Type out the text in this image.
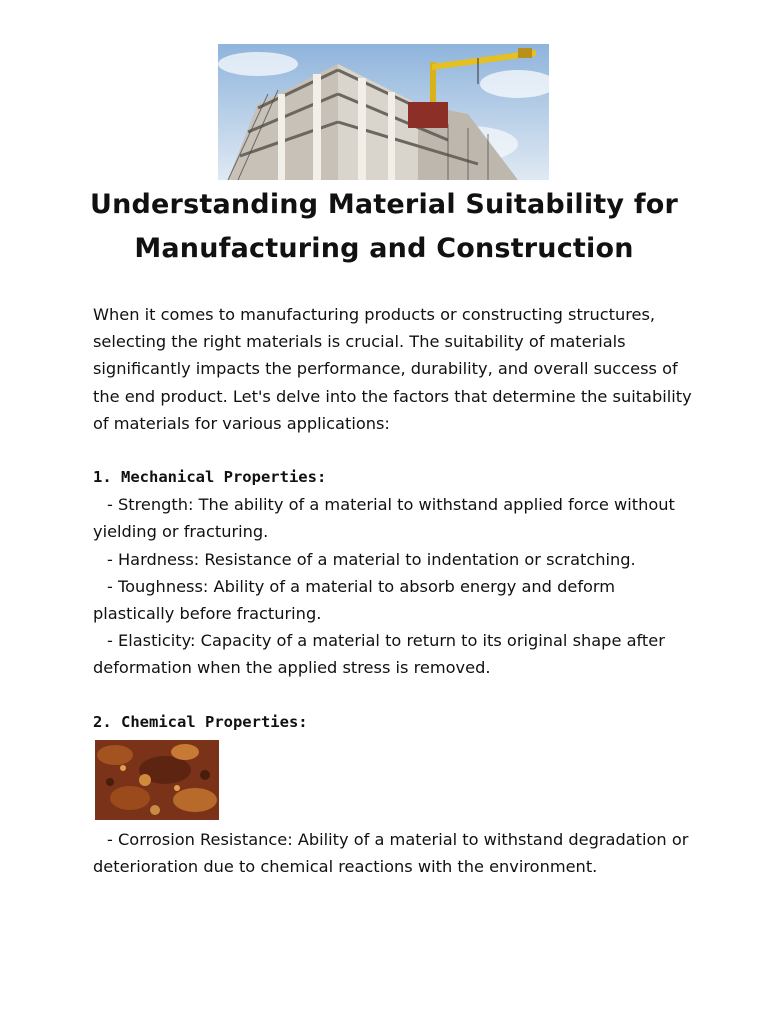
Understanding Material Suitability for
Manufacturing and Construction

When it comes to manufacturing products or constructing structures, selecting the right materials is crucial. The suitability of materials significantly impacts the performance, durability, and overall success of the end product. Let's delve into the factors that determine the suitability of materials for various applications:

1. Mechanical Properties:

- Strength: The ability of a material to withstand applied force without yielding or fracturing.

- Hardness: Resistance of a material to indentation or scratching.

- Toughness: Ability of a material to absorb energy and deform plastically before fracturing.

- Elasticity: Capacity of a material to return to its original shape after deformation when the applied stress is removed.

2. Chemical Properties:

- Corrosion Resistance: Ability of a material to withstand degradation or deterioration due to chemical reactions with the environment.
